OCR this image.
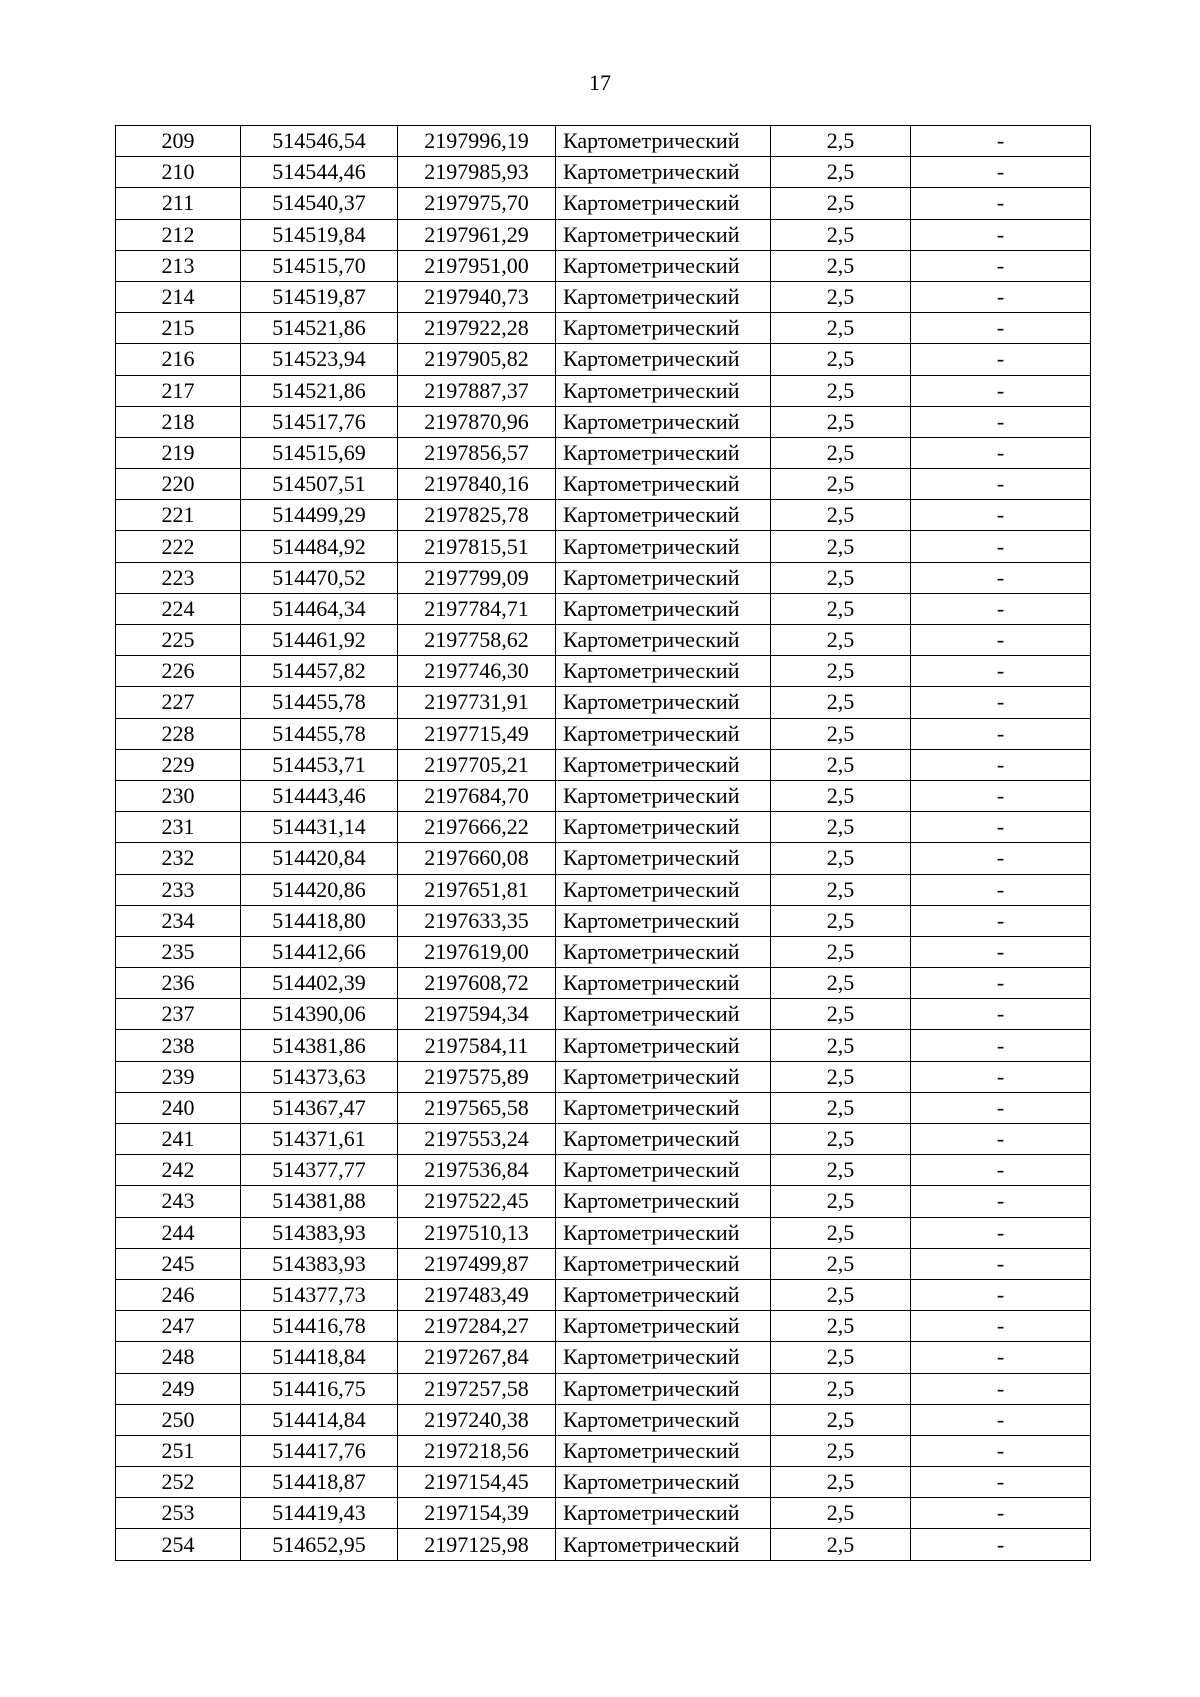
17
209	514546,54	2197996,19	Картометрический	2,5	-
210	514544,46	2197985,93	Картометрический	2,5	-
211	514540,37	2197975,70	Картометрический	2,5	-
212	514519,84	2197961,29	Картометрический	2,5	-
213	514515,70	2197951,00	Картометрический	2,5	-
214	514519,87	2197940,73	Картометрический	2,5	-
215	514521,86	2197922,28	Картометрический	2,5	-
216	514523,94	2197905,82	Картометрический	2,5	-
217	514521,86	2197887,37	Картометрический	2,5	-
218	514517,76	2197870,96	Картометрический	2,5	-
219	514515,69	2197856,57	Картометрический	2,5	-
220	514507,51	2197840,16	Картометрический	2,5	-
221	514499,29	2197825,78	Картометрический	2,5	-
222	514484,92	2197815,51	Картометрический	2,5	-
223	514470,52	2197799,09	Картометрический	2,5	-
224	514464,34	2197784,71	Картометрический	2,5	-
225	514461,92	2197758,62	Картометрический	2,5	-
226	514457,82	2197746,30	Картометрический	2,5	-
227	514455,78	2197731,91	Картометрический	2,5	-
228	514455,78	2197715,49	Картометрический	2,5	-
229	514453,71	2197705,21	Картометрический	2,5	-
230	514443,46	2197684,70	Картометрический	2,5	-
231	514431,14	2197666,22	Картометрический	2,5	-
232	514420,84	2197660,08	Картометрический	2,5	-
233	514420,86	2197651,81	Картометрический	2,5	-
234	514418,80	2197633,35	Картометрический	2,5	-
235	514412,66	2197619,00	Картометрический	2,5	-
236	514402,39	2197608,72	Картометрический	2,5	-
237	514390,06	2197594,34	Картометрический	2,5	-
238	514381,86	2197584,11	Картометрический	2,5	-
239	514373,63	2197575,89	Картометрический	2,5	-
240	514367,47	2197565,58	Картометрический	2,5	-
241	514371,61	2197553,24	Картометрический	2,5	-
242	514377,77	2197536,84	Картометрический	2,5	-
243	514381,88	2197522,45	Картометрический	2,5	-
244	514383,93	2197510,13	Картометрический	2,5	-
245	514383,93	2197499,87	Картометрический	2,5	-
246	514377,73	2197483,49	Картометрический	2,5	-
247	514416,78	2197284,27	Картометрический	2,5	-
248	514418,84	2197267,84	Картометрический	2,5	-
249	514416,75	2197257,58	Картометрический	2,5	-
250	514414,84	2197240,38	Картометрический	2,5	-
251	514417,76	2197218,56	Картометрический	2,5	-
252	514418,87	2197154,45	Картометрический	2,5	-
253	514419,43	2197154,39	Картометрический	2,5	-
254	514652,95	2197125,98	Картометрический	2,5	-
